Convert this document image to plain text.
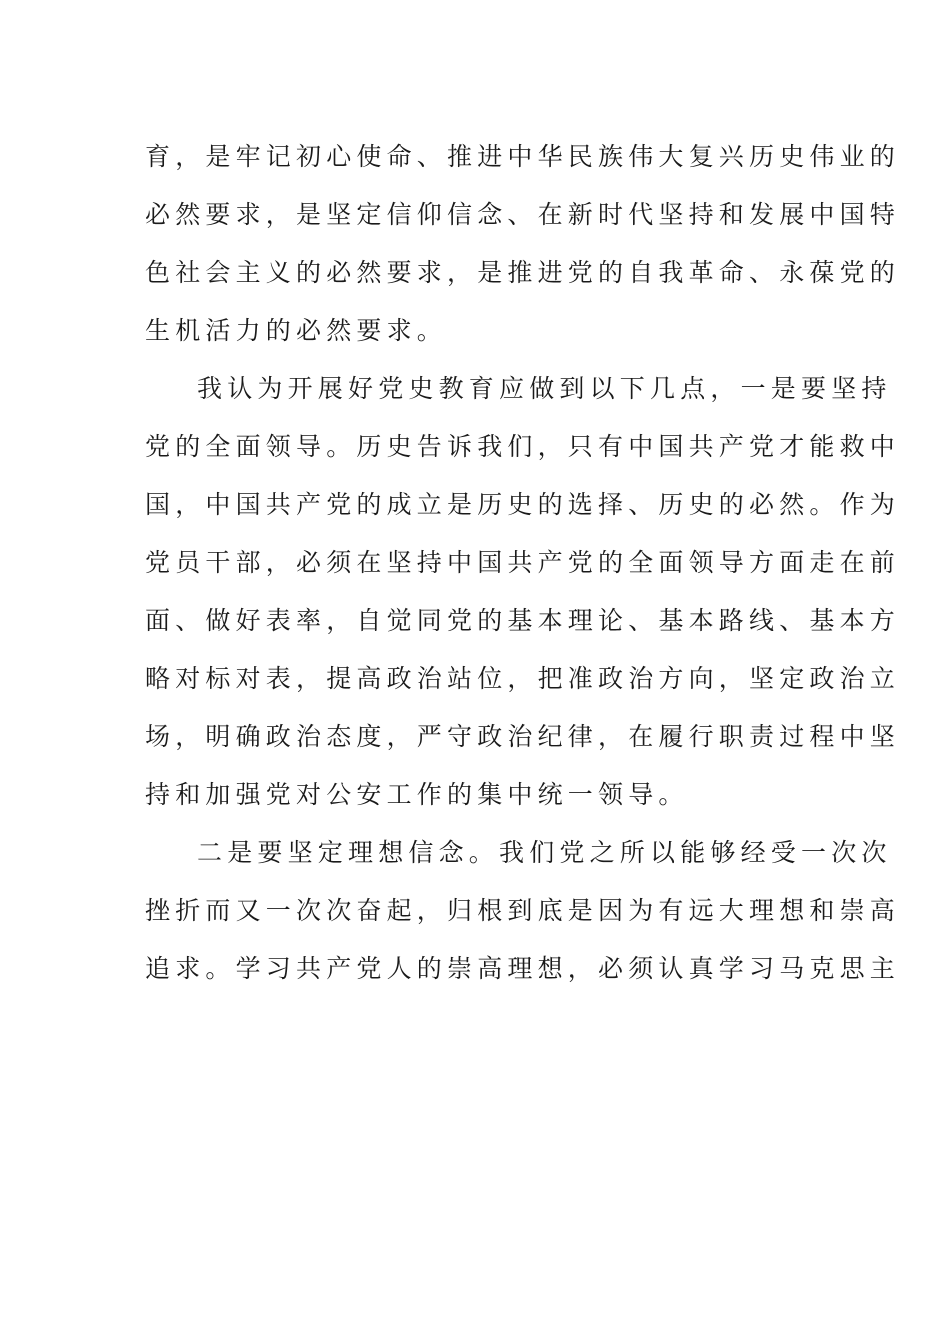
育，是牢记初心使命、推进中华民族伟大复兴历史伟业的
必然要求，是坚定信仰信念、在新时代坚持和发展中国特
色社会主义的必然要求，是推进党的自我革命、永葆党的
生机活力的必然要求。
我认为开展好党史教育应做到以下几点，一是要坚持
党的全面领导。历史告诉我们，只有中国共产党才能救中
国，中国共产党的成立是历史的选择、历史的必然。作为
党员干部，必须在坚持中国共产党的全面领导方面走在前
面、做好表率，自觉同党的基本理论、基本路线、基本方
略对标对表，提高政治站位，把准政治方向，坚定政治立
场，明确政治态度，严守政治纪律，在履行职责过程中坚
持和加强党对公安工作的集中统一领导。
二是要坚定理想信念。我们党之所以能够经受一次次
挫折而又一次次奋起，归根到底是因为有远大理想和崇高
追求。学习共产党人的崇高理想，必须认真学习马克思主
